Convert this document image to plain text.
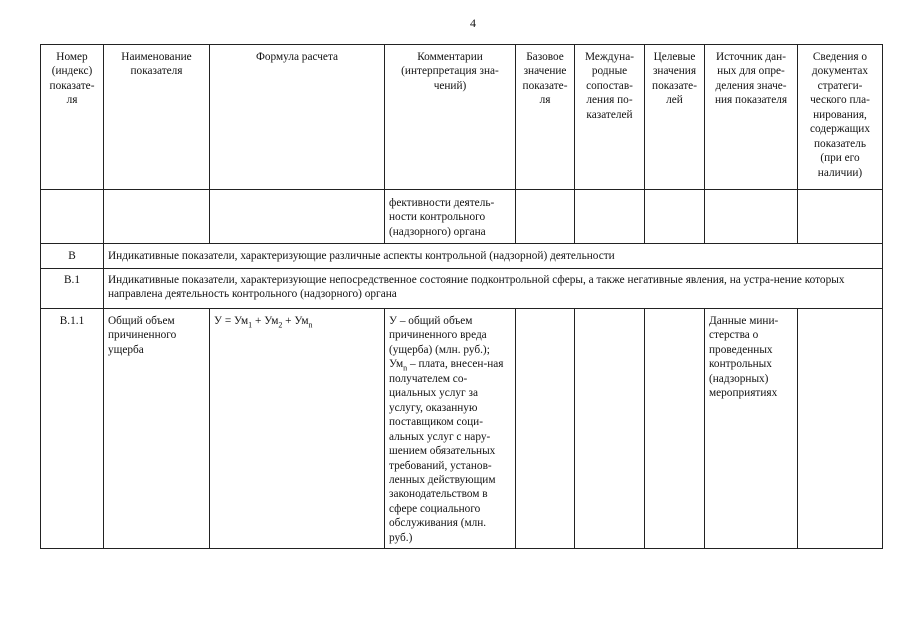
4
Номер (индекс) показате-ля	Наименование показателя	Формула расчета	Комментарии (интерпретация зна-чений)	Базовое значение показате-ля	Междуна-родные сопостав-ления по-казателей	Целевые значения показате-лей	Источник дан-ных для опре-деления значе-ния показателя	Сведения о документах стратеги-ческого пла-нирования, содержащих показатель (при его наличии)
			фективности деятель-ности контрольного (надзорного) органа					
В	Индикативные показатели, характеризующие различные аспекты контрольной (надзорной) деятельности							
В.1	Индикативные показатели, характеризующие непосредственное состояние подконтрольной сферы, а также негативные явления, на устра-нение которых направлена деятельность контрольного (надзорного) органа							
В.1.1	Общий объем причиненного ущерба	$У = Ум_1 + Ум_2 + Ум_n$	У – общий объем причиненного вреда (ущерба) (млн. руб.);
$Ум_n$ – плата, внесен-ная получателем со-циальных услуг за услугу, оказанную поставщиком соци-альных услуг с нару-шением обязательных требований, установ-ленных действующим законодательством в сфере социального обслуживания (млн. руб.)				Данные мини-стерства о проведенных контрольных (надзорных) мероприятиях	
